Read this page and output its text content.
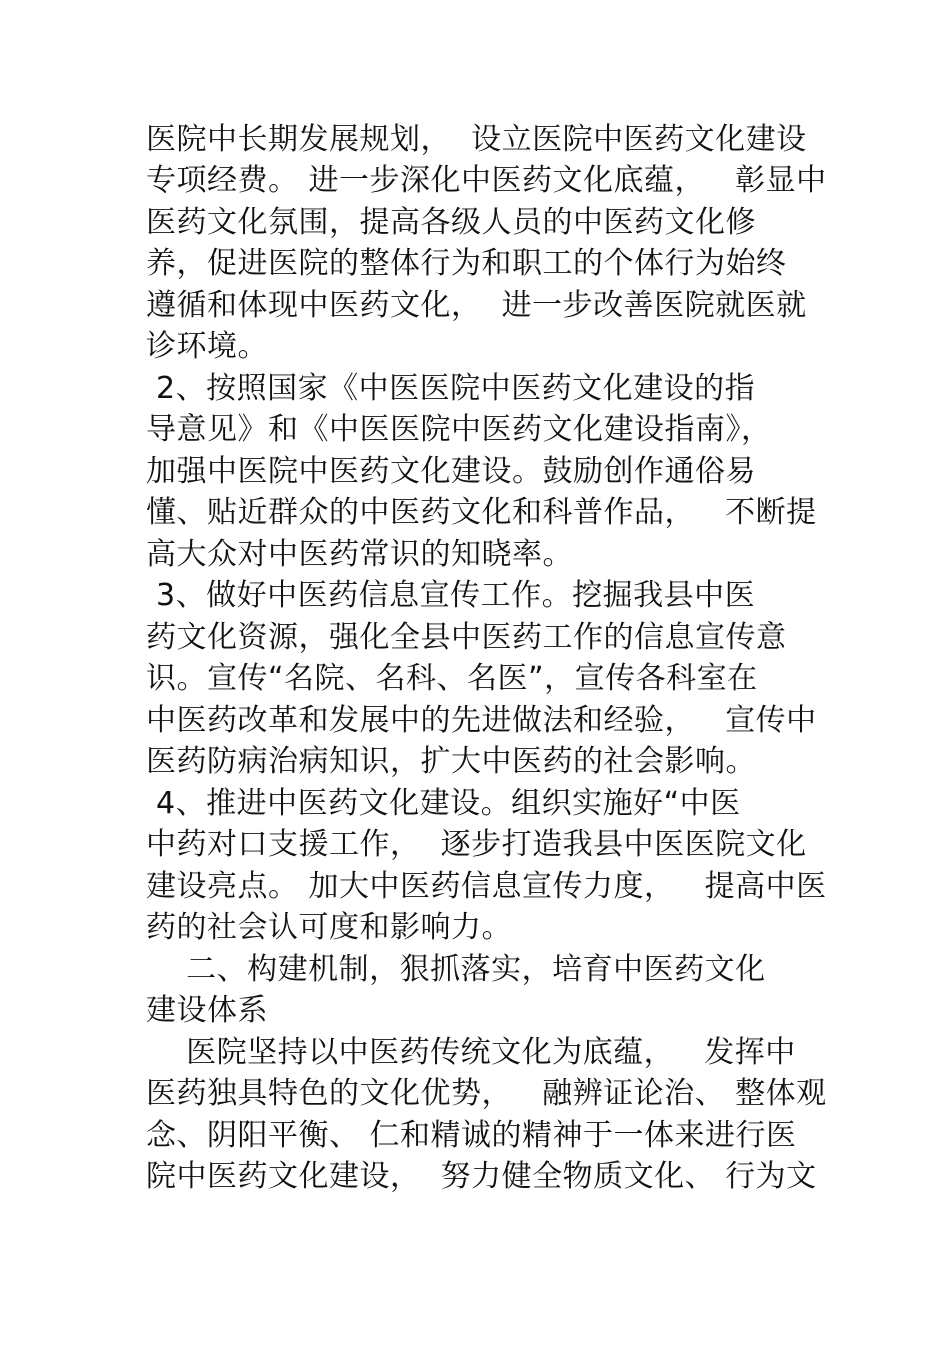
医院中长期发展规划，  设立医院中医药文化建设
专项经费。 进一步深化中医药文化底蕴，   彰显中
医药文化氛围，提高各级人员的中医药文化修
养，促进医院的整体行为和职工的个体行为始终
遵循和体现中医药文化，  进一步改善医院就医就
诊环境。
2、按照国家《中医医院中医药文化建设的指
导意见》和《中医医院中医药文化建设指南》，
加强中医院中医药文化建设。鼓励创作通俗易
懂、贴近群众的中医药文化和科普作品，   不断提
高大众对中医药常识的知晓率。
3、做好中医药信息宣传工作。挖掘我县中医
药文化资源，强化全县中医药工作的信息宣传意
识。宣传“名院、名科、名医”，宣传各科室在
中医药改革和发展中的先进做法和经验，   宣传中
医药防病治病知识，扩大中医药的社会影响。
4、推进中医药文化建设。组织实施好“中医
中药对口支援工作，  逐步打造我县中医医院文化
建设亮点。 加大中医药信息宣传力度，   提高中医
药的社会认可度和影响力。
二、构建机制，狠抓落实，培育中医药文化
建设体系
医院坚持以中医药传统文化为底蕴，   发挥中
医药独具特色的文化优势，   融辨证论治、 整体观
念、阴阳平衡、 仁和精诚的精神于一体来进行医
院中医药文化建设，  努力健全物质文化、 行为文
